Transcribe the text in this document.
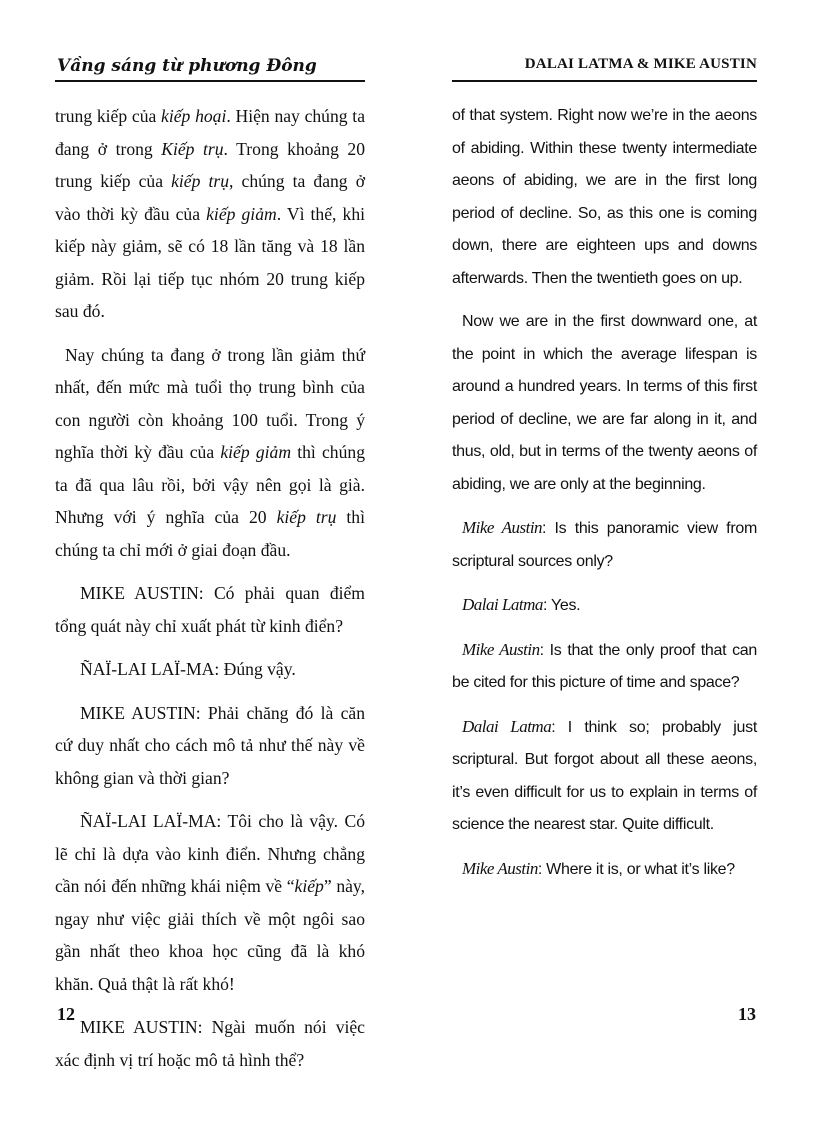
Vầng sáng từ phương Đông	DALAI LATMA & MIKE AUSTIN

trung kiếp của kiếp hoại. Hiện nay chúng ta đang ở trong Kiếp trụ. Trong khoảng 20 trung kiếp của kiếp trụ, chúng ta đang ở vào thời kỳ đầu của kiếp giảm. Vì thế, khi kiếp này giảm, sẽ có 18 lần tăng và 18 lần giảm. Rồi lại tiếp tục nhóm 20 trung kiếp sau đó.

Nay chúng ta đang ở trong lần giảm thứ nhất, đến mức mà tuổi thọ trung bình của con người còn khoảng 100 tuổi. Trong ý nghĩa thời kỳ đầu của kiếp giảm thì chúng ta đã qua lâu rồi, bởi vậy nên gọi là già. Nhưng với ý nghĩa của 20 kiếp trụ thì chúng ta chỉ mới ở giai đoạn đầu.

MIKE AUSTIN: Có phải quan điểm tổng quát này chỉ xuất phát từ kinh điển?

ÑAÏ-LAI LAÏ-MA: Đúng vậy.

MIKE AUSTIN: Phải chăng đó là căn cứ duy nhất cho cách mô tả như thế này về không gian và thời gian?

ÑAÏ-LAI LAÏ-MA: Tôi cho là vậy. Có lẽ chỉ là dựa vào kinh điển. Nhưng chẳng cần nói đến những khái niệm về “kiếp” này, ngay như việc giải thích về một ngôi sao gần nhất theo khoa học cũng đã là khó khăn. Quả thật là rất khó!

MIKE AUSTIN: Ngài muốn nói việc xác định vị trí hoặc mô tả hình thể?

of that system. Right now we’re in the aeons of abiding. Within these twenty intermediate aeons of abiding, we are in the first long period of decline. So, as this one is coming down, there are eighteen ups and downs afterwards. Then the twentieth goes on up.

Now we are in the first downward one, at the point in which the average lifespan is around a hundred years. In terms of this first period of decline, we are far along in it, and thus, old, but in terms of the twenty aeons of abiding, we are only at the beginning.

Mike Austin: Is this panoramic view from scriptural sources only?

Dalai Latma: Yes.

Mike Austin: Is that the only proof that can be cited for this picture of time and space?

Dalai Latma: I think so; probably just scriptural. But forgot about all these aeons, it’s even difficult for us to explain in terms of science the nearest star. Quite difficult.

Mike Austin: Where it is, or what it’s like?

12	13
